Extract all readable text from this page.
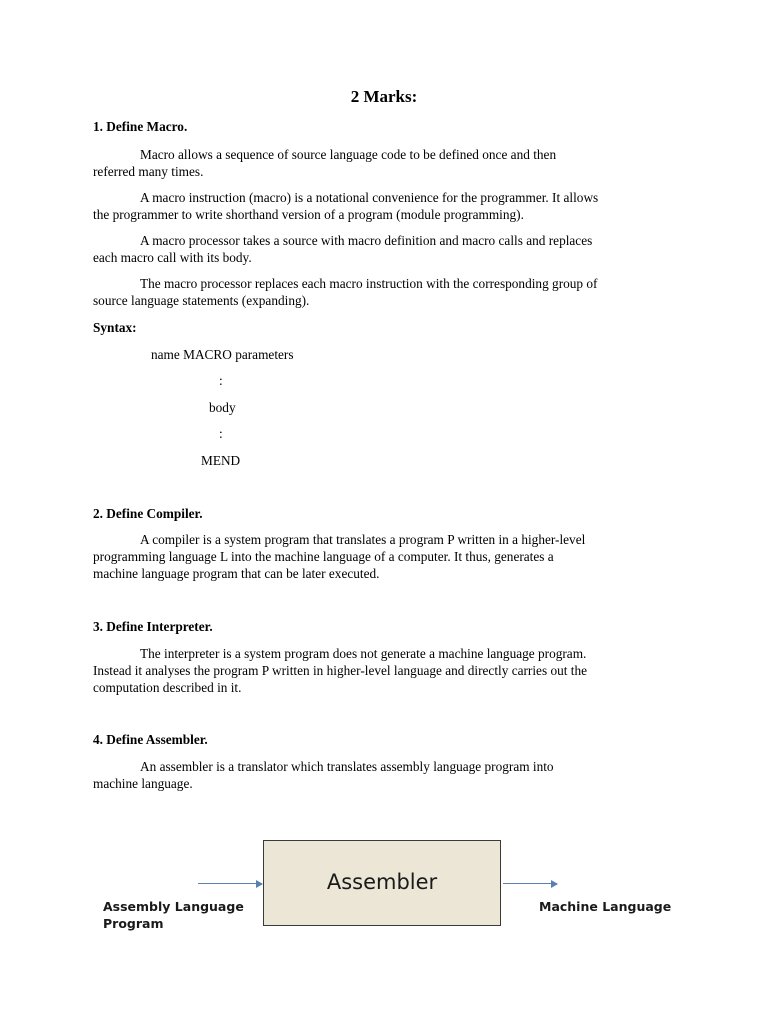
2 Marks:
1. Define Macro.
Macro allows a sequence of source language code to be defined once and then
referred many times.
A macro instruction (macro) is a notational convenience for the programmer. It allows
the programmer to write shorthand version of a program (module programming).
A macro processor takes a source with macro definition and macro calls and replaces
each macro call with its body.
The macro processor replaces each macro instruction with the corresponding group of
source language statements (expanding).
Syntax:
name MACRO parameters
:
body
:
MEND
2. Define Compiler.
A compiler is a system program that translates a program P written in a higher-level
programming language L into the machine language of a computer. It thus, generates a
machine language program that can be later executed.
3. Define Interpreter.
The interpreter is a system program does not generate a machine language program.
Instead it analyses the program P written in higher-level language and directly carries out the
computation described in it.
4. Define Assembler.
An assembler is a translator which translates assembly language program into
machine language.
Assembler
Assembly Language
Program
Machine Language
